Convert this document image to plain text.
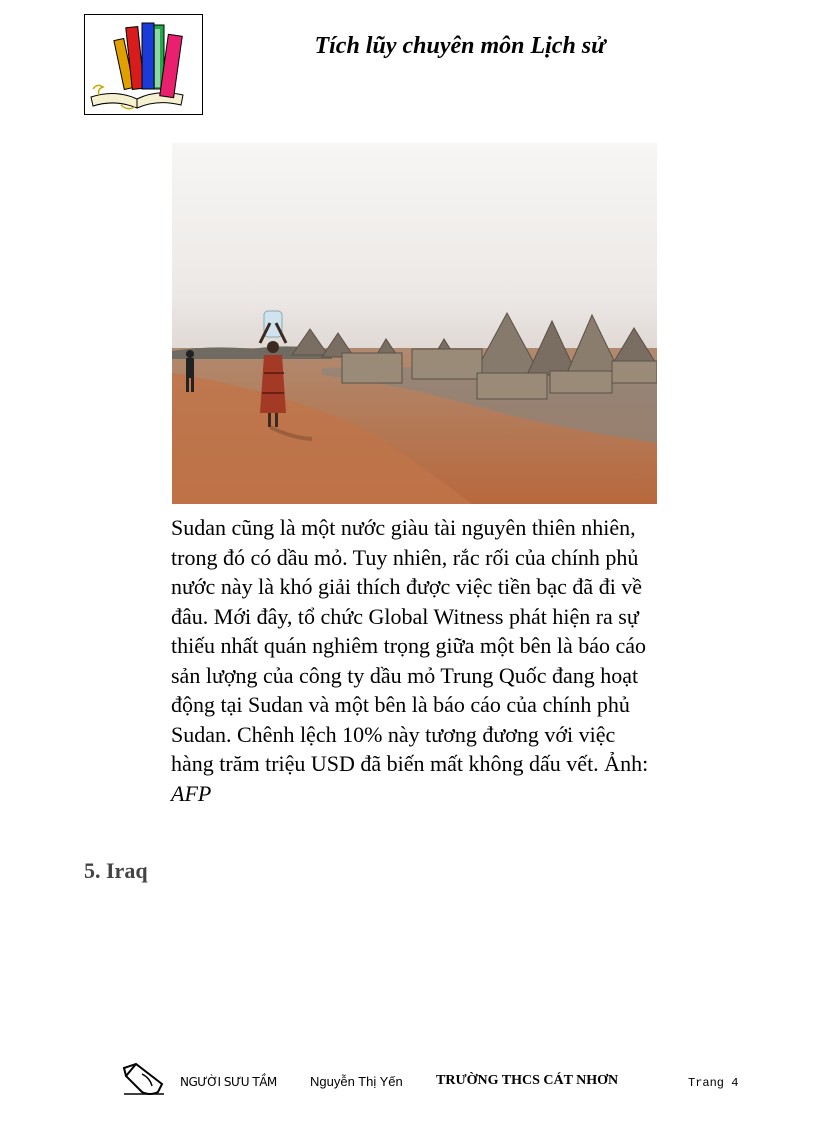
Tích lũy chuyên môn Lịch sử
Sudan cũng là một nước giàu tài nguyên thiên nhiên, trong đó có dầu mỏ. Tuy nhiên, rắc rối của chính phủ nước này là khó giải thích được việc tiền bạc đã đi về đâu. Mới đây, tổ chức Global Witness phát hiện ra sự thiếu nhất quán nghiêm trọng giữa một bên là báo cáo sản lượng của công ty dầu mỏ Trung Quốc đang hoạt động tại Sudan và một bên là báo cáo của chính phủ Sudan. Chênh lệch 10% này tương đương với việc hàng trăm triệu USD đã biến mất không dấu vết. Ảnh:
AFP
5. Iraq
NGƯỜI SƯU TẦM	Nguyễn Thị Yến TRƯỜNG THCS CÁT NHƠN	Trang 4
